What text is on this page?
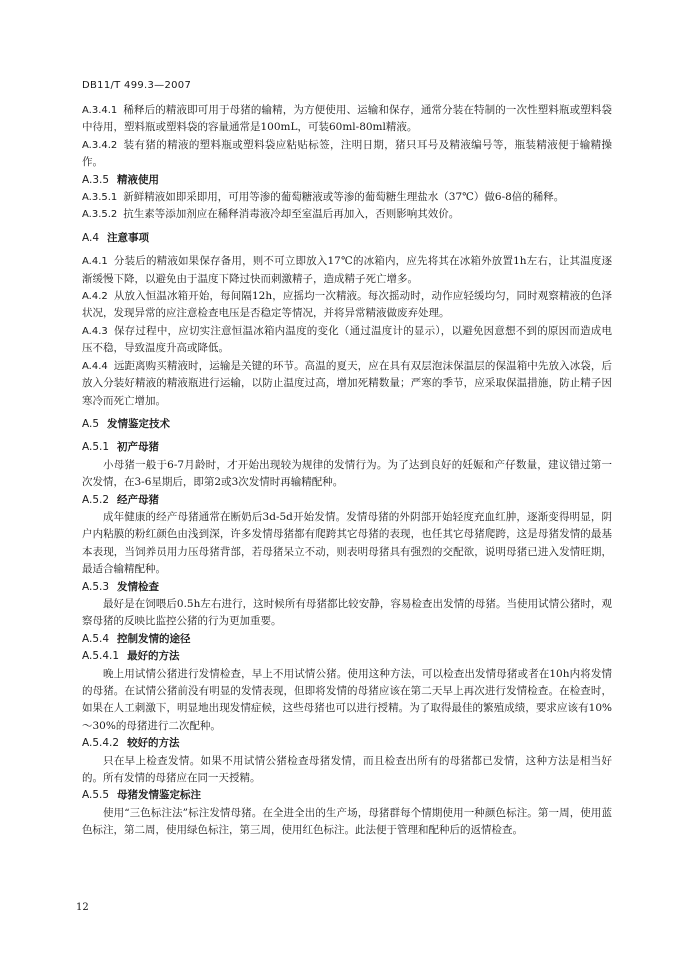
DB11/T 499.3—2007

A.3.4.1 稀释后的精液即可用于母猪的输精，为方便使用、运输和保存，通常分装在特制的一次性塑料瓶或塑料袋中待用，塑料瓶或塑料袋的容量通常是100mL，可装60ml-80ml精液。

A.3.4.2 装有猪的精液的塑料瓶或塑料袋应粘贴标签，注明日期，猪只耳号及精液编号等，瓶装精液便于输精操作。

A.3.5 精液使用

A.3.5.1 新鲜精液如即采即用，可用等渗的葡萄糖液或等渗的葡萄糖生理盐水（37℃）做6-8倍的稀释。

A.3.5.2 抗生素等添加剂应在稀释消毒液冷却至室温后再加入，否则影响其效价。

A.4 注意事项

A.4.1 分装后的精液如果保存备用，则不可立即放入17℃的冰箱内，应先将其在冰箱外放置1h左右，让其温度逐渐缓慢下降，以避免由于温度下降过快而刺激精子，造成精子死亡增多。

A.4.2 从放入恒温冰箱开始，每间隔12h，应摇均一次精液。每次摇动时，动作应轻缓均匀，同时观察精液的色泽状况，发现异常的应注意检查电压是否稳定等情况，并将异常精液做废弃处理。

A.4.3 保存过程中，应切实注意恒温冰箱内温度的变化（通过温度计的显示），以避免因意想不到的原因而造成电压不稳，导致温度升高或降低。

A.4.4 远距离购买精液时，运输是关键的环节。高温的夏天，应在具有双层泡沫保温层的保温箱中先放入冰袋，后放入分装好精液的精液瓶进行运输，以防止温度过高，增加死精数量；严寒的季节，应采取保温措施，防止精子因寒冷而死亡增加。

A.5 发情鉴定技术

A.5.1 初产母猪

小母猪一般于6-7月龄时，才开始出现较为规律的发情行为。为了达到良好的妊娠和产仔数量，建议错过第一次发情，在3-6星期后，即第2或3次发情时再输精配种。

A.5.2 经产母猪

成年健康的经产母猪通常在断奶后3d-5d开始发情。发情母猪的外阴部开始轻度充血红肿，逐渐变得明显，阴户内粘膜的粉红颜色由浅到深，许多发情母猪都有爬跨其它母猪的表现，也任其它母猪爬跨，这是母猪发情的最基本表现，当饲养员用力压母猪背部，若母猪呆立不动，则表明母猪具有强烈的交配欲，说明母猪已进入发情旺期，最适合输精配种。

A.5.3 发情检查

最好是在饲喂后0.5h左右进行，这时候所有母猪都比较安静，容易检查出发情的母猪。当使用试情公猪时，观察母猪的反映比监控公猪的行为更加重要。

A.5.4 控制发情的途径

A.5.4.1 最好的方法

晚上用试情公猪进行发情检查，早上不用试情公猪。使用这种方法，可以检查出发情母猪或者在10h内将发情的母猪。在试情公猪前没有明显的发情表现，但即将发情的母猪应该在第二天早上再次进行发情检查。在检查时，如果在人工刺激下，明显地出现发情症候，这些母猪也可以进行授精。为了取得最佳的繁殖成绩，要求应该有10%～30%的母猪进行二次配种。

A.5.4.2 较好的方法

只在早上检查发情。如果不用试情公猪检查母猪发情，而且检查出所有的母猪都已发情，这种方法是相当好的。所有发情的母猪应在同一天授精。

A.5.5 母猪发情鉴定标注

使用“三色标注法”标注发情母猪。在全进全出的生产场，母猪群每个情期使用一种颜色标注。第一周，使用蓝色标注，第二周，使用绿色标注，第三周，使用红色标注。此法便于管理和配种后的返情检查。

12
